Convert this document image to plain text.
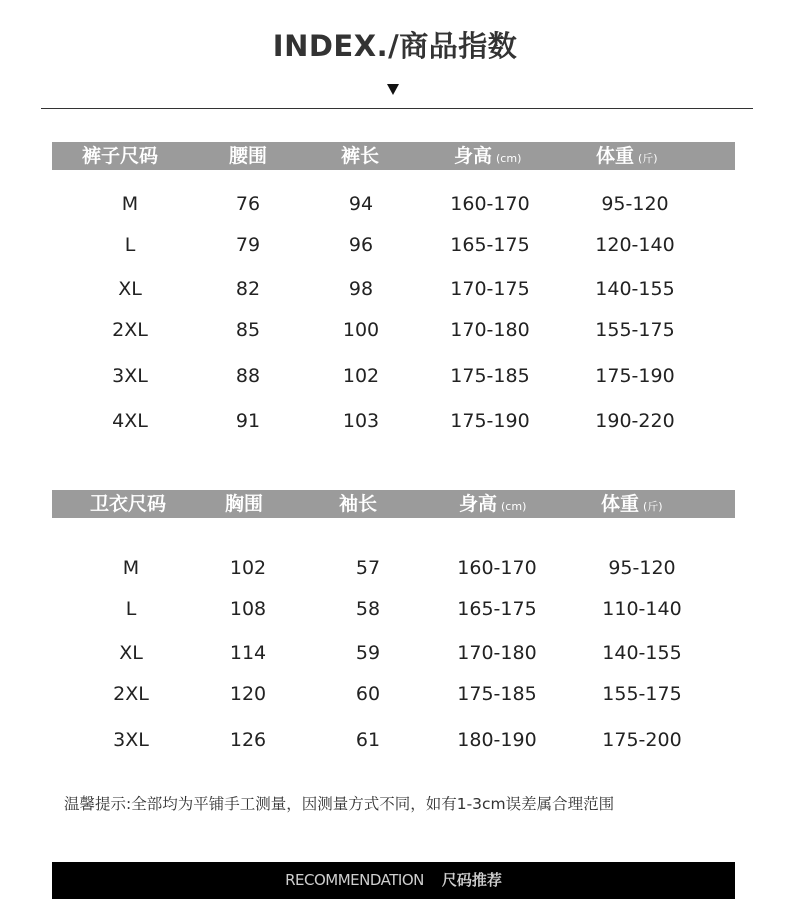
INDEX./商品指数
裤子尺码	腰围	裤长	身高 (cm)	体重 (斤)
M	76	94	160-170	95-120
L	79	96	165-175	120-140
XL	82	98	170-175	140-155
2XL	85	100	170-180	155-175
3XL	88	102	175-185	175-190
4XL	91	103	175-190	190-220
卫衣尺码	胸围	袖长	身高 (cm)	体重 (斤)
M	102	57	160-170	95-120
L	108	58	165-175	110-140
XL	114	59	170-180	140-155
2XL	120	60	175-185	155-175
3XL	126	61	180-190	175-200
温馨提示:全部均为平铺手工测量，因测量方式不同，如有1-3cm误差属合理范围
RECOMMENDATION 尺码推荐
